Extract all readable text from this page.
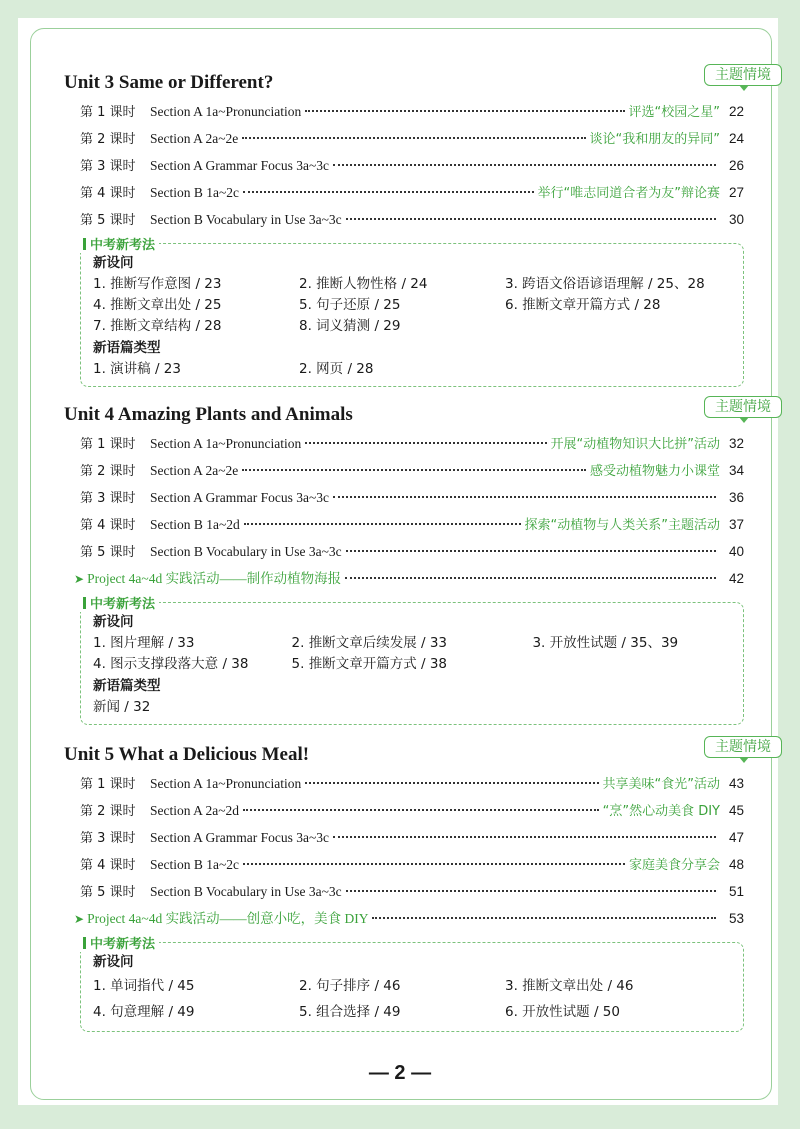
Unit 3 Same or Different?	主题情境
第 1 课时	Section A 1a~Pronunciation	评选“校园之星” 22
第 2 课时	Section A 2a~2e	谈论“我和朋友的异同” 24
第 3 课时	Section A Grammar Focus 3a~3c	26
第 4 课时	Section B 1a~2c	举行“唯志同道合者为友”辩论赛 27
第 5 课时	Section B Vocabulary in Use 3a~3c	30
中考新考法
新设问
1. 推断写作意图 / 23	2. 推断人物性格 / 24	3. 跨语文俗语谚语理解 / 25、28
4. 推断文章出处 / 25	5. 句子还原 / 25	6. 推断文章开篇方式 / 28
7. 推断文章结构 / 28	8. 词义猜测 / 29
新语篇类型
1. 演讲稿 / 23	2. 网页 / 28
Unit 4 Amazing Plants and Animals	主题情境
第 1 课时	Section A 1a~Pronunciation	开展“动植物知识大比拼”活动 32
第 2 课时	Section A 2a~2e	感受动植物魅力小课堂 34
第 3 课时	Section A Grammar Focus 3a~3c	36
第 4 课时	Section B 1a~2d	探索“动植物与人类关系”主题活动 37
第 5 课时	Section B Vocabulary in Use 3a~3c	40
➤ Project 4a~4d 实践活动——制作动植物海报	42
中考新考法
新设问
1. 图片理解 / 33	2. 推断文章后续发展 / 33	3. 开放性试题 / 35、39
4. 图示支撑段落大意 / 38	5. 推断文章开篇方式 / 38
新语篇类型
新闻 / 32
Unit 5 What a Delicious Meal!	主题情境
第 1 课时	Section A 1a~Pronunciation	共享美味“食光”活动 43
第 2 课时	Section A 2a~2d	“烹”然心动美食 DIY 45
第 3 课时	Section A Grammar Focus 3a~3c	47
第 4 课时	Section B 1a~2c	家庭美食分享会 48
第 5 课时	Section B Vocabulary in Use 3a~3c	51
➤ Project 4a~4d 实践活动——创意小吃，美食 DIY	53
中考新考法
新设问
1. 单词指代 / 45	2. 句子排序 / 46	3. 推断文章出处 / 46
4. 句意理解 / 49	5. 组合选择 / 49	6. 开放性试题 / 50
— 2 —
